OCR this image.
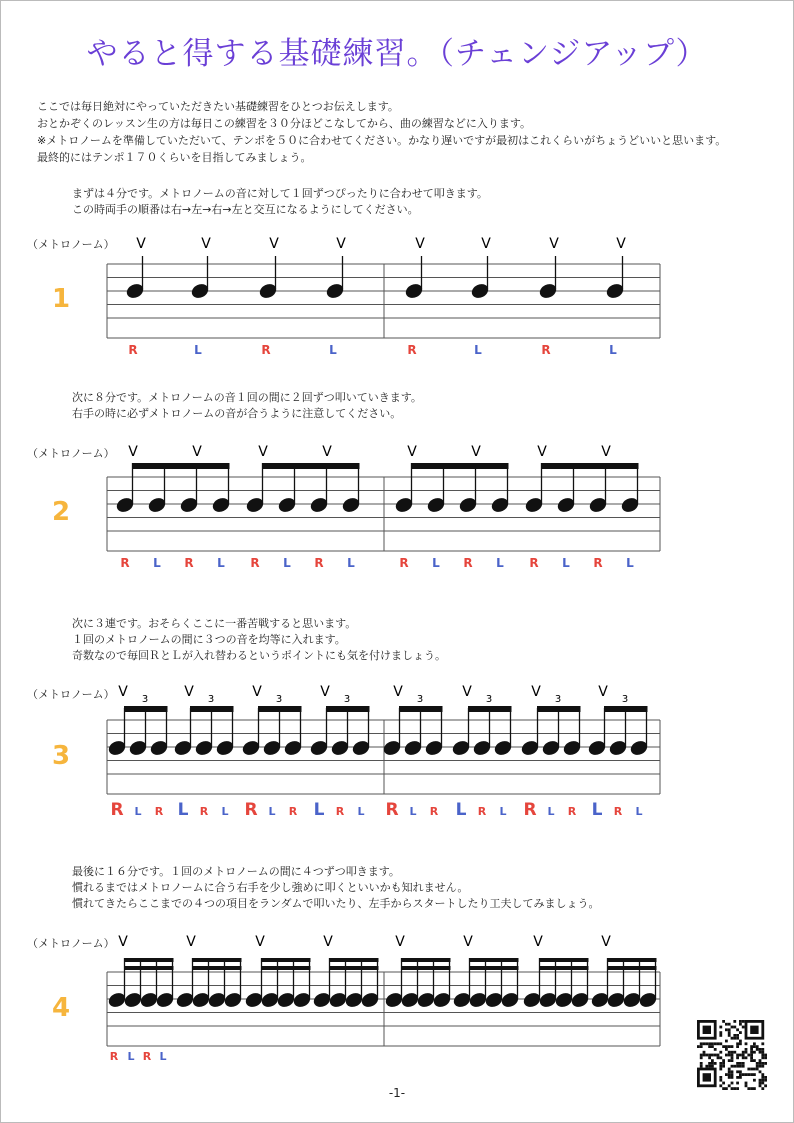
やると得する基礎練習。（チェンジアップ）
ここでは毎日絶対にやっていただきたい基礎練習をひとつお伝えします。
おとかぞくのレッスン生の方は毎日この練習を３０分ほどこなしてから、曲の練習などに入ります。
※メトロノームを準備していただいて、テンポを５０に合わせてください。かなり遅いですが最初はこれくらいがちょうどいいと思います。
最終的にはテンポ１７０くらいを目指してみましょう。
まずは４分です。メトロノームの音に対して１回ずつぴったりに合わせて叩きます。
この時両手の順番は右→左→右→左と交互になるようにしてください。
（メトロノーム）
1
V	V	V	V	V	V	V	V
R	L	R	L	R	L	R	L
次に８分です。メトロノームの音１回の間に２回ずつ叩いていきます。
右手の時に必ずメトロノームの音が合うように注意してください。
（メトロノーム）
2
V	V	V	V	V	V	V	V
R L R L R L R L	R L R L R L R L
次に３連です。おそらくここに一番苦戦すると思います。
１回のメトロノームの間に３つの音を均等に入れます。
奇数なので毎回ＲとＬが入れ替わるというポイントにも気を付けましょう。
（メトロノーム）
3
V 3	V 3	V 3	V 3	V 3	V 3	V 3	V 3
R L R L R L R L R L R L R L R L R L R L R L R L
最後に１６分です。１回のメトロノームの間に４つずつ叩きます。
慣れるまではメトロノームに合う右手を少し強めに叩くといいかも知れません。
慣れてきたらここまでの４つの項目をランダムで叩いたり、左手からスタートしたり工夫してみましょう。
（メトロノーム）
4
V	V	V	V	V	V	V	V
R L R L
-1-
